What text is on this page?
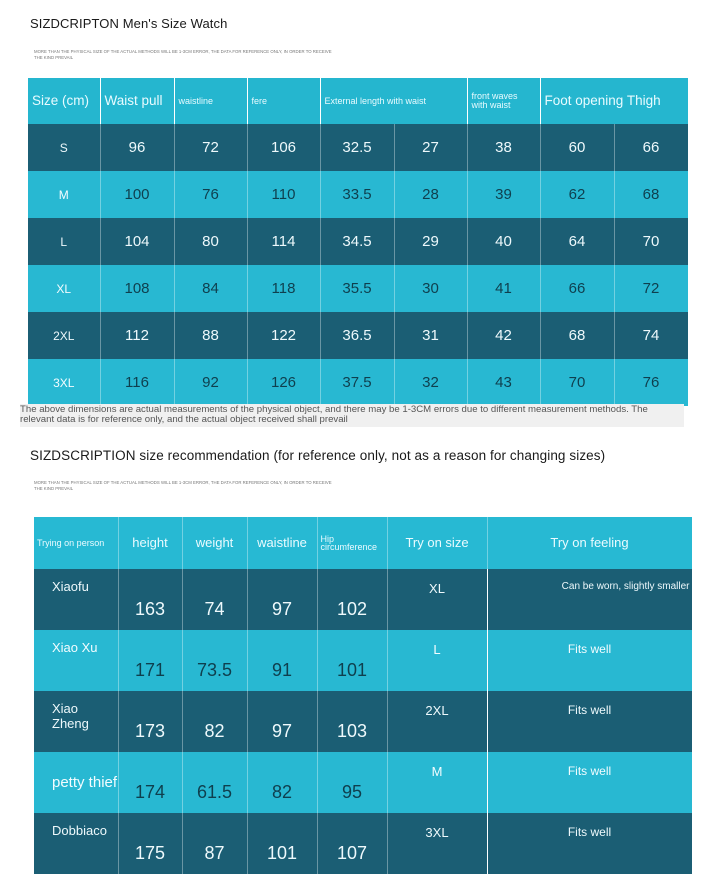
SIZDCRIPTON Men's Size Watch
MORE THAN THE PHYSICAL SIZE OF THE ACTUAL METHODS WILL BE 1-3CM ERROR, THE DATA FOR REFERENCE ONLY, IN ORDER TO RECEIVE THE KIND PREVAIL
Size (cm)	Waist pull	waistline	fere	External length with waist		front waves with waist	Foot opening Thigh	
S	96	72	106	32.5	27	38	60	66
M	100	76	110	33.5	28	39	62	68
L	104	80	114	34.5	29	40	64	70
XL	108	84	118	35.5	30	41	66	72
2XL	112	88	122	36.5	31	42	68	74
3XL	116	92	126	37.5	32	43	70	76
The above dimensions are actual measurements of the physical object, and there may be 1-3CM errors due to different measurement methods. The relevant data is for reference only, and the actual object received shall prevail
SIZDSCRIPTION size recommendation (for reference only, not as a reason for changing sizes)
MORE THAN THE PHYSICAL SIZE OF THE ACTUAL METHODS WILL BE 1-3CM ERROR, THE DATA FOR REFERENCE ONLY, IN ORDER TO RECEIVE THE KIND PREVAIL
Trying on person	height	weight	waistline	Hip circumference	Try on size	Try on feeling
Xiaofu	163	74	97	102	XL	Can be worn, slightly smaller
Xiao Xu	171	73.5	91	101	L	Fits well
Xiao Zheng	173	82	97	103	2XL	Fits well
petty thief	174	61.5	82	95	M	Fits well
Dobbiaco	175	87	101	107	3XL	Fits well
